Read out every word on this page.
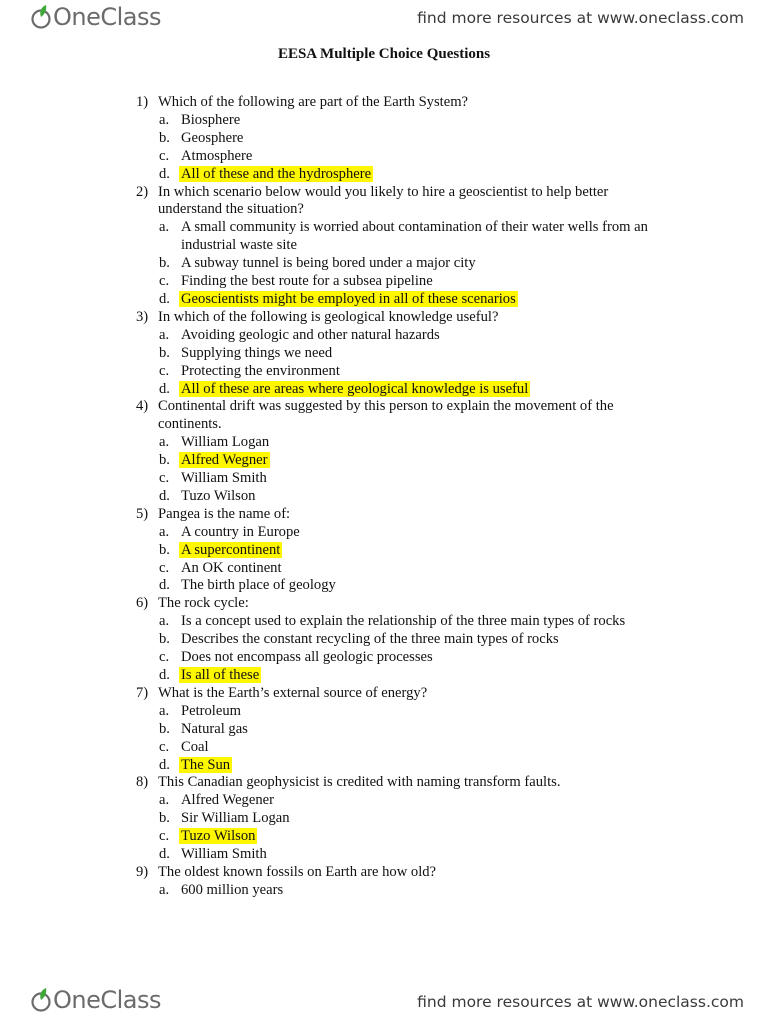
OneClass	find more resources at www.oneclass.com
EESA Multiple Choice Questions
1) Which of the following are part of the Earth System?
a. Biosphere
b. Geosphere
c. Atmosphere
d. All of these and the hydrosphere
2) In which scenario below would you likely to hire a geoscientist to help better understand the situation?
a. A small community is worried about contamination of their water wells from an industrial waste site
b. A subway tunnel is being bored under a major city
c. Finding the best route for a subsea pipeline
d. Geoscientists might be employed in all of these scenarios
3) In which of the following is geological knowledge useful?
a. Avoiding geologic and other natural hazards
b. Supplying things we need
c. Protecting the environment
d. All of these are areas where geological knowledge is useful
4) Continental drift was suggested by this person to explain the movement of the continents.
a. William Logan
b. Alfred Wegner
c. William Smith
d. Tuzo Wilson
5) Pangea is the name of:
a. A country in Europe
b. A supercontinent
c. An OK continent
d. The birth place of geology
6) The rock cycle:
a. Is a concept used to explain the relationship of the three main types of rocks
b. Describes the constant recycling of the three main types of rocks
c. Does not encompass all geologic processes
d. Is all of these
7) What is the Earth’s external source of energy?
a. Petroleum
b. Natural gas
c. Coal
d. The Sun
8) This Canadian geophysicist is credited with naming transform faults.
a. Alfred Wegener
b. Sir William Logan
c. Tuzo Wilson
d. William Smith
9) The oldest known fossils on Earth are how old?
a. 600 million years
OneClass	find more resources at www.oneclass.com
